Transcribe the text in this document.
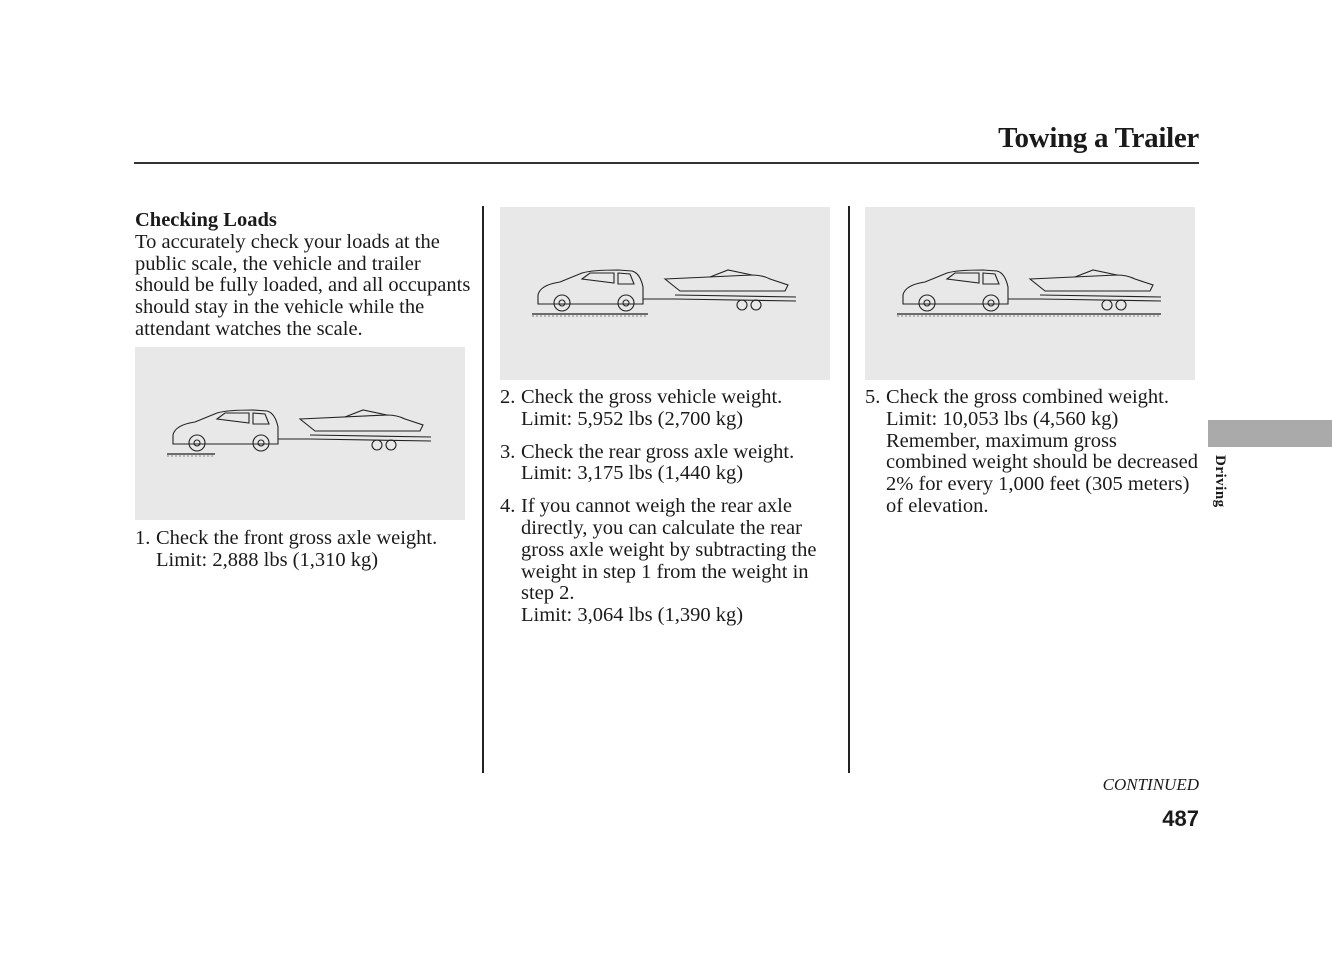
Towing a Trailer
Checking Loads

To accurately check your loads at the public scale, the vehicle and trailer should be fully loaded, and all occupants should stay in the vehicle while the attendant watches the scale.

1. Check the front gross axle weight.
Limit: 2,888 lbs (1,310 kg)

2. Check the gross vehicle weight.
Limit: 5,952 lbs (2,700 kg)

3. Check the rear gross axle weight.
Limit: 3,175 lbs (1,440 kg)

4. If you cannot weigh the rear axle directly, you can calculate the rear gross axle weight by subtracting the weight in step 1 from the weight in step 2.
Limit: 3,064 lbs (1,390 kg)

5. Check the gross combined weight.
Limit: 10,053 lbs (4,560 kg)
Remember, maximum gross combined weight should be decreased 2% for every 1,000 feet (305 meters) of elevation.	Driving
CONTINUED
487
